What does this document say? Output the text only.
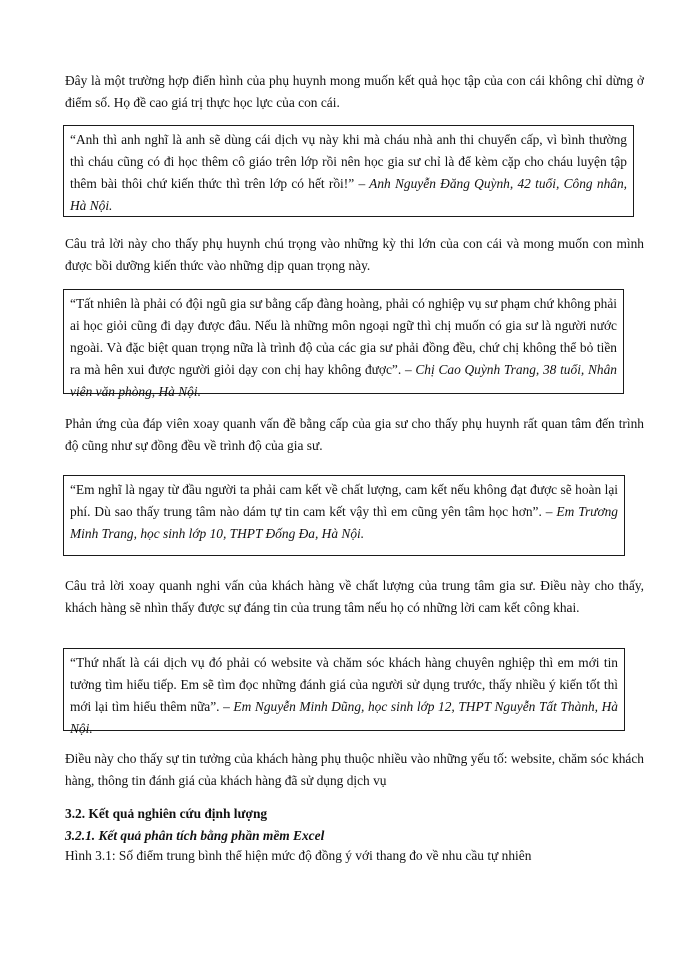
Đây là một trường hợp điển hình của phụ huynh mong muốn kết quả học tập của con cái không chỉ dừng ở điểm số. Họ đề cao giá trị thực học lực của con cái.

“Anh thì anh nghĩ là anh sẽ dùng cái dịch vụ này khi mà cháu nhà anh thi chuyển cấp, vì bình thường thì cháu cũng có đi học thêm cô giáo trên lớp rồi nên học gia sư chỉ là để kèm cặp cho cháu luyện tập thêm bài thôi chứ kiến thức thì trên lớp có hết rồi!” – Anh Nguyễn Đăng Quỳnh, 42 tuổi, Công nhân, Hà Nội.

Câu trả lời này cho thấy phụ huynh chú trọng vào những kỳ thi lớn của con cái và mong muốn con mình được bồi dưỡng kiến thức vào những dịp quan trọng này.

“Tất nhiên là phải có đội ngũ gia sư bằng cấp đàng hoàng, phải có nghiệp vụ sư phạm chứ không phải ai học giỏi cũng đi dạy được đâu. Nếu là những môn ngoại ngữ thì chị muốn có gia sư là người nước ngoài. Và đặc biệt quan trọng nữa là trình độ của các gia sư phải đồng đều, chứ chị không thể bỏ tiền ra mà hên xui được người giỏi dạy con chị hay không được”. – Chị Cao Quỳnh Trang, 38 tuổi, Nhân viên văn phòng, Hà Nội.

Phản ứng của đáp viên xoay quanh vấn đề bằng cấp của gia sư cho thấy phụ huynh rất quan tâm đến trình độ cũng như sự đồng đều về trình độ của gia sư.

“Em nghĩ là ngay từ đầu người ta phải cam kết về chất lượng, cam kết nếu không đạt được sẽ hoàn lại phí. Dù sao thấy trung tâm nào dám tự tin cam kết vậy thì em cũng yên tâm học hơn”. – Em Trương Minh Trang, học sinh lớp 10, THPT Đống Đa, Hà Nội.

Câu trả lời xoay quanh nghi vấn của khách hàng về chất lượng của trung tâm gia sư. Điều này cho thấy, khách hàng sẽ nhìn thấy được sự đáng tin của trung tâm nếu họ có những lời cam kết công khai.

“Thứ nhất là cái dịch vụ đó phải có website và chăm sóc khách hàng chuyên nghiệp thì em mới tin tưởng tìm hiểu tiếp. Em sẽ tìm đọc những đánh giá của người sử dụng trước, thấy nhiều ý kiến tốt thì mới lại tìm hiểu thêm nữa”. – Em Nguyễn Minh Dũng, học sinh lớp 12, THPT Nguyễn Tất Thành, Hà Nội.

Điều này cho thấy sự tin tưởng của khách hàng phụ thuộc nhiều vào những yếu tố: website, chăm sóc khách hàng, thông tin đánh giá của khách hàng đã sử dụng dịch vụ

3.2. Kết quả nghiên cứu định lượng

3.2.1. Kết quả phân tích bằng phần mềm Excel

Hình 3.1: Số điểm trung bình thể hiện mức độ đồng ý với thang đo về nhu cầu tự nhiên
